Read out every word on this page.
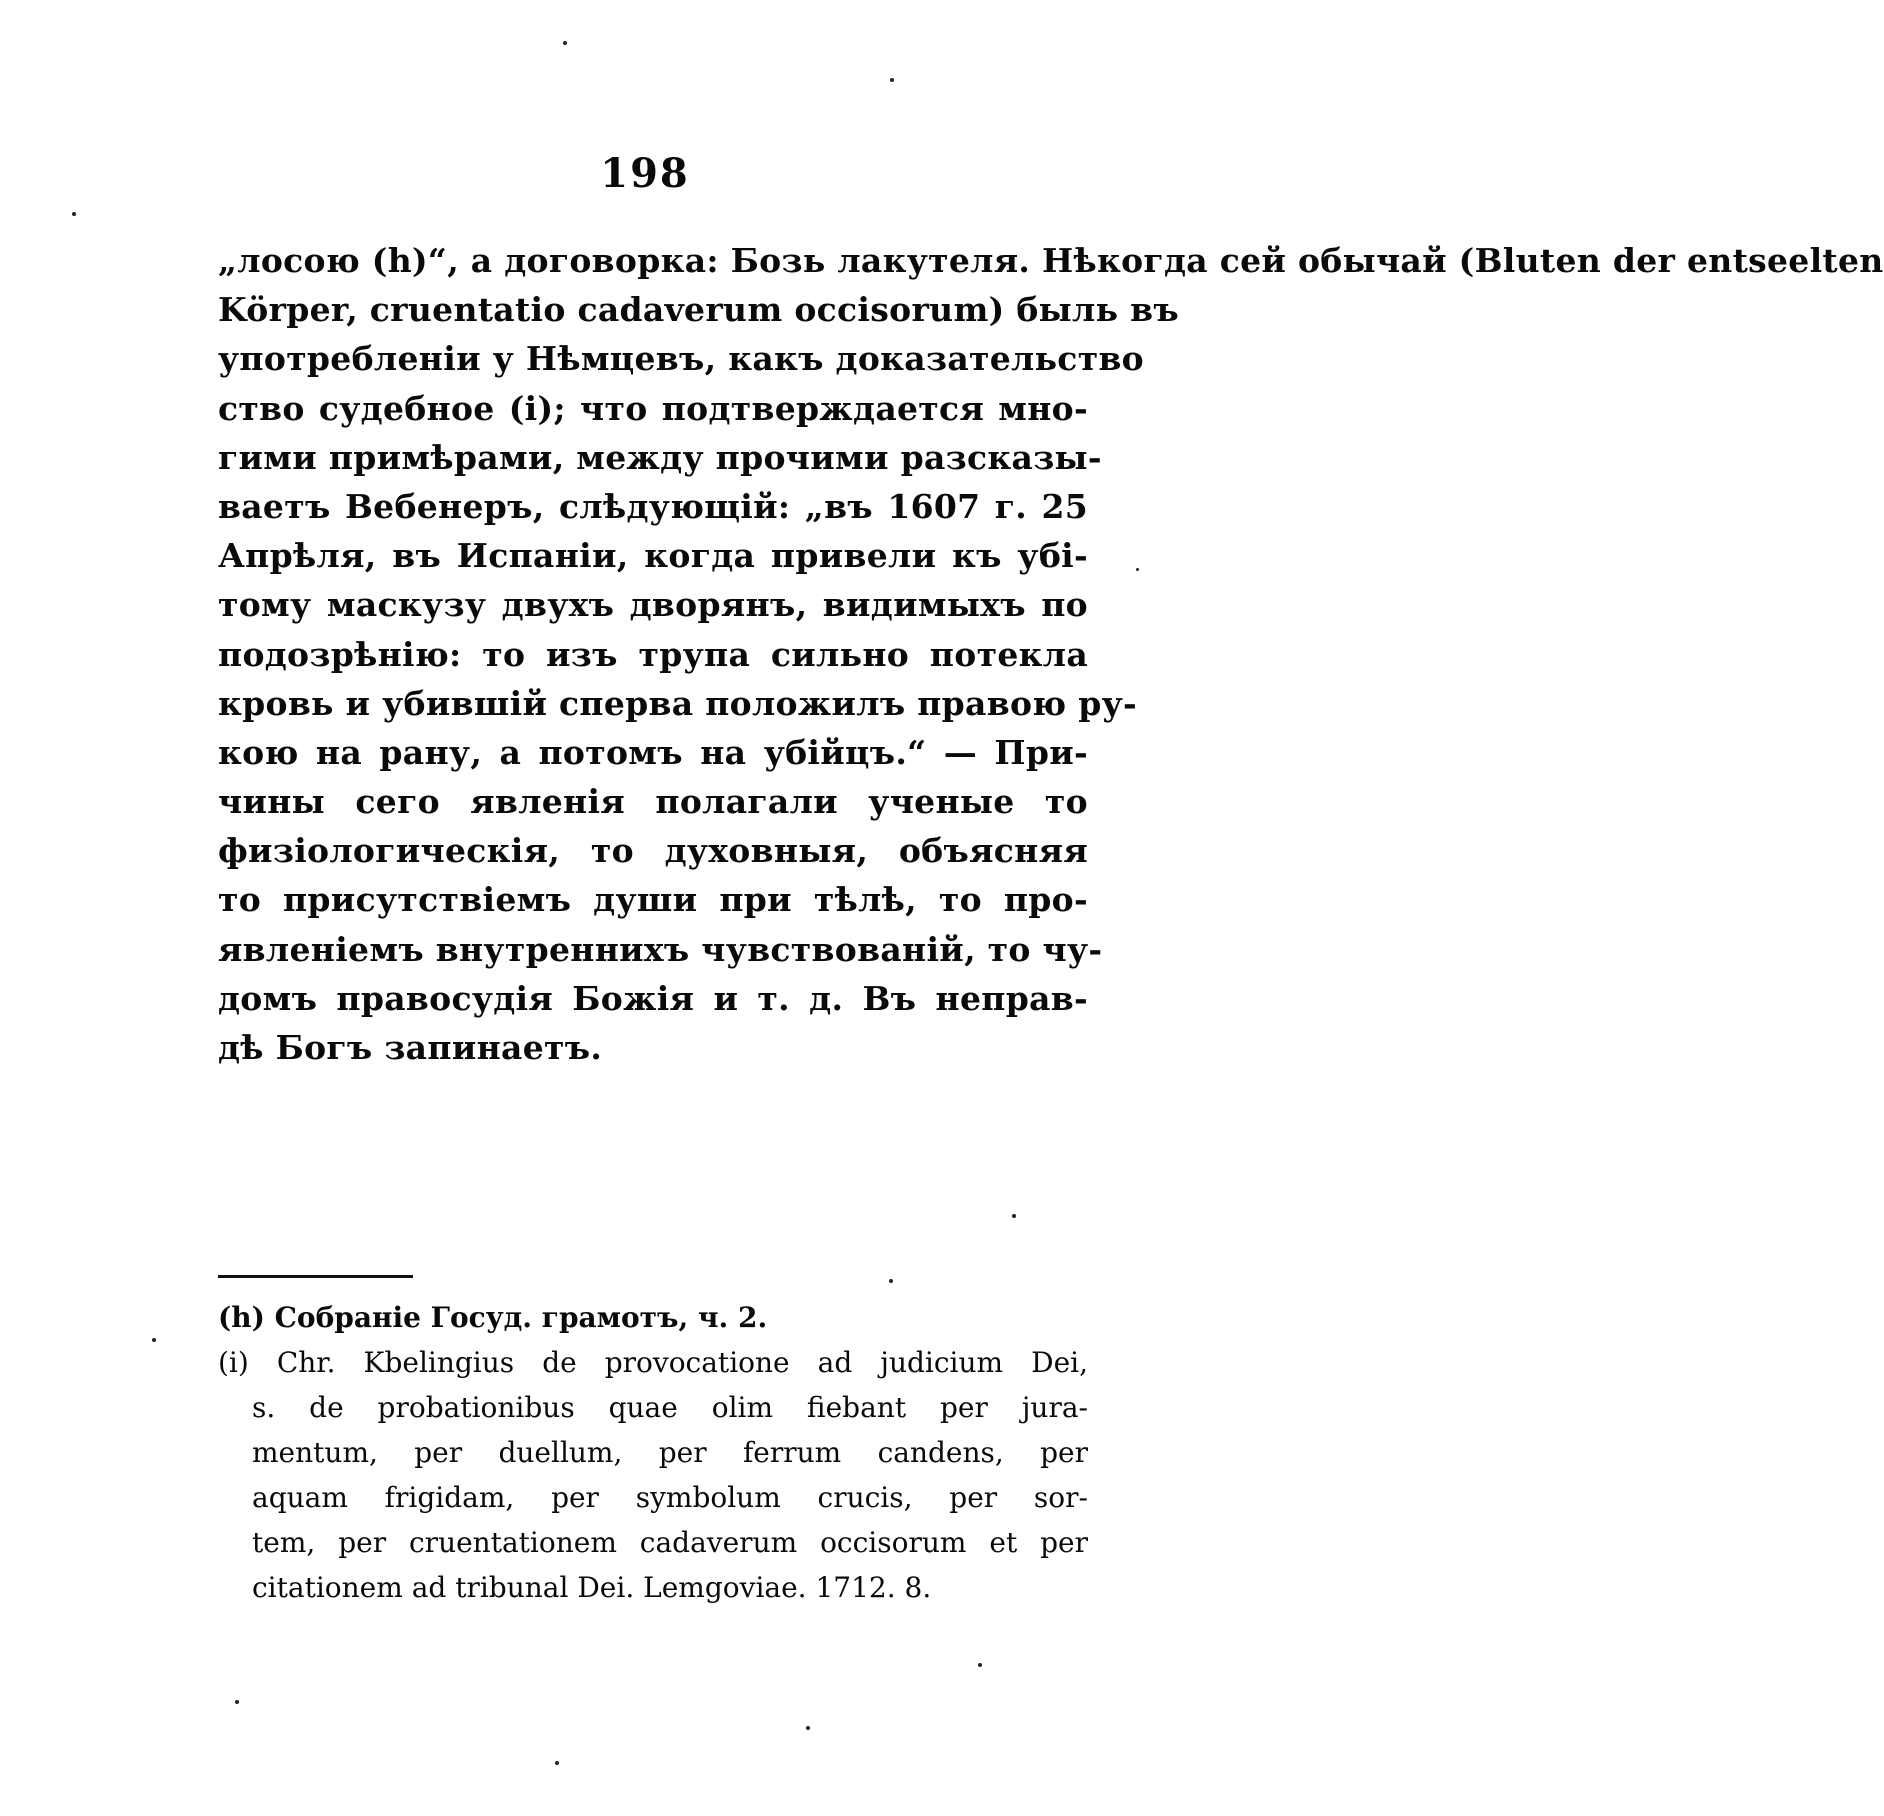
198
„лосою (h)“, а договорка: Бозь лакутеля. Нѣкогда сей обычай (Bluten der entseelten
Körper, cruentatio cadaverum occisorum) быль въ
употребленіи у Нѣмцевъ, какъ доказательство
ство судебное (i); что подтверждается мно-
гими примѣрами, между прочими разсказы-
ваетъ Вебенеръ, слѣдующій: „въ 1607 г. 25
Апрѣля, въ Испаніи, когда привели къ убі-
тому маскузу двухъ дворянъ, видимыхъ по
подозрѣнію: то изъ трупа сильно потекла
кровь и убившій сперва положилъ правою ру-
кою на рану, а потомъ на убійцъ.“ — При-
чины сего явленія полагали ученые то
физіологическія, то духовныя, объясняя
то присутствіемъ души при тѣлѣ, то про-
явленіемъ внутреннихъ чувствованій, то чу-
домъ правосудія Божія и т. д. Въ неправ-
дѣ Богъ запинаетъ.
(h) Собраніе Госуд. грамотъ, ч. 2.
(i) Chr. Kbelingius de provocatione ad judicium Dei,
s. de probationibus quae olim fiebant per jura-
mentum, per duellum, per ferrum candens, per
aquam frigidam, per symbolum crucis, per sor-
tem, per cruentationem cadaverum occisorum et per
citationem ad tribunal Dei. Lemgoviae. 1712. 8.
